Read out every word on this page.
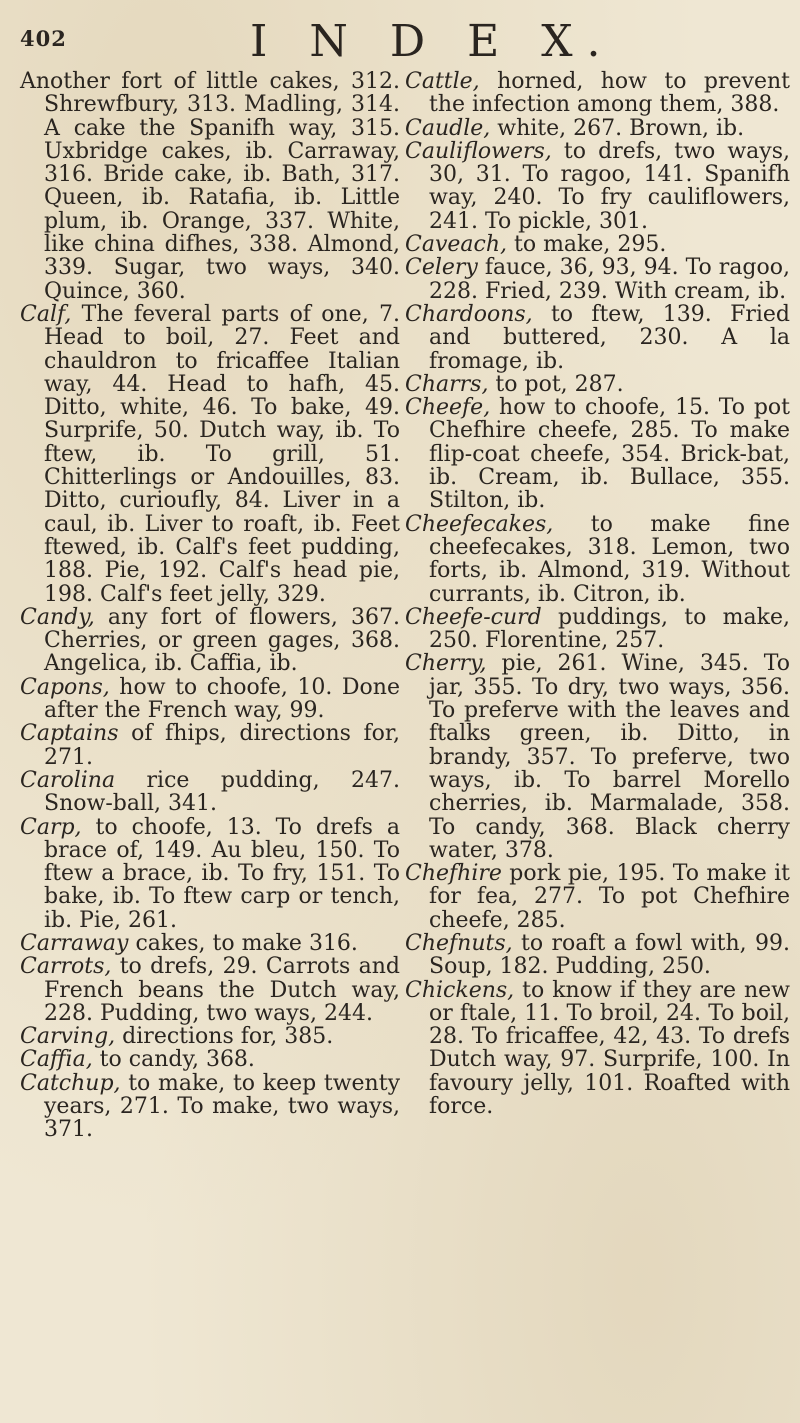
402	I N D E X.

Another fort of little cakes, 312. Shrewfbury, 313. Madling, 314. A cake the Spanifh way, 315. Uxbridge cakes, ib. Carraway, 316. Bride cake, ib. Bath, 317. Queen, ib. Ratafia, ib. Little plum, ib. Orange, 337. White, like china difhes, 338. Almond, 339. Sugar, two ways, 340. Quince, 360.

Calf, The feveral parts of one, 7. Head to boil, 27. Feet and chauldron to fricaffee Italian way, 44. Head to hafh, 45. Ditto, white, 46. To bake, 49. Surprife, 50. Dutch way, ib. To ftew, ib. To grill, 51. Chitterlings or Andouilles, 83. Ditto, curioufly, 84. Liver in a caul, ib. Liver to roaft, ib. Feet ftewed, ib. Calf's feet pudding, 188. Pie, 192. Calf's head pie, 198. Calf's feet jelly, 329.

Candy, any fort of flowers, 367. Cherries, or green gages, 368. Angelica, ib. Caffia, ib.

Capons, how to choofe, 10. Done after the French way, 99.

Captains of fhips, directions for, 271.

Carolina rice pudding, 247. Snow-ball, 341.

Carp, to choofe, 13. To drefs a brace of, 149. Au bleu, 150. To ftew a brace, ib. To fry, 151. To bake, ib. To ftew carp or tench, ib. Pie, 261.

Carraway cakes, to make 316.

Carrots, to drefs, 29. Carrots and French beans the Dutch way, 228. Pudding, two ways, 244.

Carving, directions for, 385.

Caffia, to candy, 368.

Catchup, to make, to keep twenty years, 271. To make, two ways, 371.

Cattle, horned, how to prevent the infection among them, 388.

Caudle, white, 267. Brown, ib.

Cauliflowers, to drefs, two ways, 30, 31. To ragoo, 141. Spanifh way, 240. To fry cauliflowers, 241. To pickle, 301.

Caveach, to make, 295.

Celery fauce, 36, 93, 94. To ragoo, 228. Fried, 239. With cream, ib.

Chardoons, to ftew, 139. Fried and buttered, 230. A la fromage, ib.

Charrs, to pot, 287.

Cheefe, how to choofe, 15. To pot Chefhire cheefe, 285. To make flip-coat cheefe, 354. Brick-bat, ib. Cream, ib. Bullace, 355. Stilton, ib.

Cheefecakes, to make fine cheefecakes, 318. Lemon, two forts, ib. Almond, 319. Without currants, ib. Citron, ib.

Cheefe-curd puddings, to make, 250. Florentine, 257.

Cherry, pie, 261. Wine, 345. To jar, 355. To dry, two ways, 356. To preferve with the leaves and ftalks green, ib. Ditto, in brandy, 357. To preferve, two ways, ib. To barrel Morello cherries, ib. Marmalade, 358. To candy, 368. Black cherry water, 378.

Chefhire pork pie, 195. To make it for fea, 277. To pot Chefhire cheefe, 285.

Chefnuts, to roaft a fowl with, 99. Soup, 182. Pudding, 250.

Chickens, to know if they are new or ftale, 11. To broil, 24. To boil, 28. To fricaffee, 42, 43. To drefs Dutch way, 97. Surprife, 100. In favoury jelly, 101. Roafted with force.
